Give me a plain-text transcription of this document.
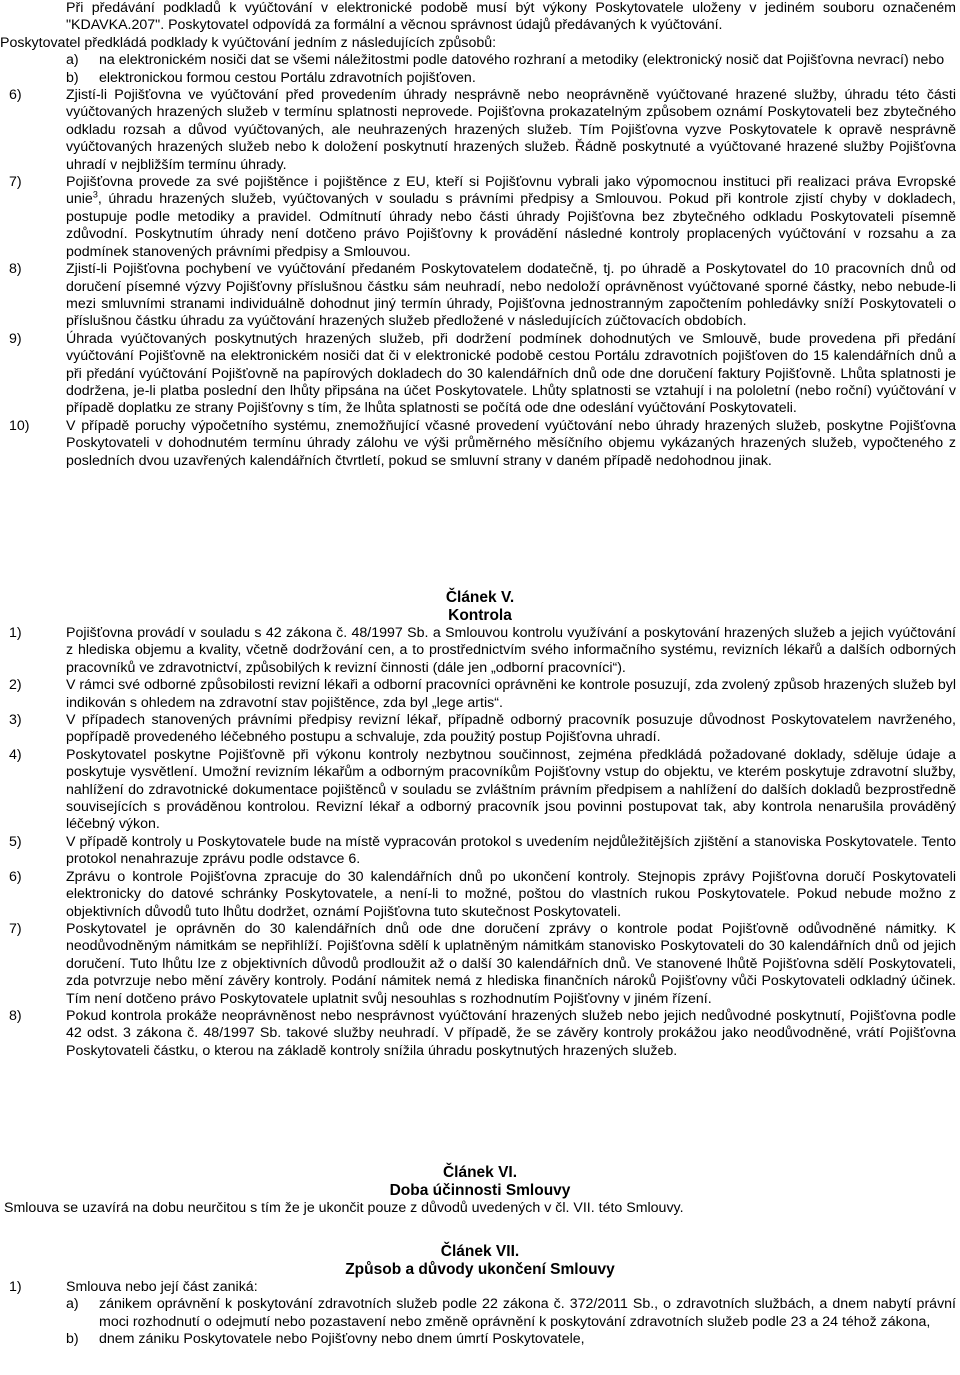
Při předávání podkladů k vyúčtování v elektronické podobě musí být výkony Poskytovatele uloženy v jediném souboru označeném "KDAVKA.207". Poskytovatel odpovídá za formální a věcnou správnost údajů předávaných k vyúčtování.

Poskytovatel předkládá podklady k vyúčtování jedním z následujících způsobů:

a) na elektronickém nosiči dat se všemi náležitostmi podle datového rozhraní a metodiky (elektronický nosič dat Pojišťovna nevrací) nebo
b) elektronickou formou cestou Portálu zdravotních pojišťoven.
6)	Zjistí-li Pojišťovna ve vyúčtování před provedením úhrady nesprávně nebo neoprávněně vyúčtované hrazené služby, úhradu této části vyúčtovaných hrazených služeb v termínu splatnosti neprovede. Pojišťovna prokazatelným způsobem oznámí Poskytovateli bez zbytečného odkladu rozsah a důvod vyúčtovaných, ale neuhrazených hrazených služeb. Tím Pojišťovna vyzve Poskytovatele k opravě nesprávně vyúčtovaných hrazených služeb nebo k doložení poskytnutí hrazených služeb. Řádně poskytnuté a vyúčtované hrazené služby Pojišťovna uhradí v nejbližším termínu úhrady.
7)	Pojišťovna provede za své pojištěnce i pojištěnce z EU, kteří si Pojišťovnu vybrali jako výpomocnou instituci při realizaci práva Evropské unie$^3$, úhradu hrazených služeb, vyúčtovaných v souladu s právními předpisy a Smlouvou. Pokud při kontrole zjistí chyby v dokladech, postupuje podle metodiky a pravidel. Odmítnutí úhrady nebo části úhrady Pojišťovna bez zbytečného odkladu Poskytovateli písemně zdůvodní. Poskytnutím úhrady není dotčeno právo Pojišťovny k provádění následné kontroly proplacených vyúčtování v rozsahu a za podmínek stanovených právními předpisy a Smlouvou.
8)	Zjistí-li Pojišťovna pochybení ve vyúčtování předaném Poskytovatelem dodatečně, tj. po úhradě a Poskytovatel do 10 pracovních dnů od doručení písemné výzvy Pojišťovny příslušnou částku sám neuhradí, nebo nedoloží oprávněnost vyúčtované sporné částky, nebo nebude-li mezi smluvními stranami individuálně dohodnut jiný termín úhrady, Pojišťovna jednostranným započtením pohledávky sníží Poskytovateli o příslušnou částku úhradu za vyúčtování hrazených služeb předložené v následujících zúčtovacích obdobích.
9)	Úhrada vyúčtovaných poskytnutých hrazených služeb, při dodržení podmínek dohodnutých ve Smlouvě, bude provedena při předání vyúčtování Pojišťovně na elektronickém nosiči dat či v elektronické podobě cestou Portálu zdravotních pojišťoven do 15 kalendářních dnů a při předání vyúčtování Pojišťovně na papírových dokladech do 30 kalendářních dnů ode dne doručení faktury Pojišťovně. Lhůta splatnosti je dodržena, je-li platba poslední den lhůty připsána na účet Poskytovatele. Lhůty splatnosti se vztahují i na pololetní (nebo roční) vyúčtování v případě doplatku ze strany Pojišťovny s tím, že lhůta splatnosti se počítá ode dne odeslání vyúčtování Poskytovateli.
10)	V případě poruchy výpočetního systému, znemožňující včasné provedení vyúčtování nebo úhrady hrazených služeb, poskytne Pojišťovna Poskytovateli v dohodnutém termínu úhrady zálohu ve výši průměrného měsíčního objemu vykázaných hrazených služeb, vypočteného z posledních dvou uzavřených kalendářních čtvrtletí, pokud se smluvní strany v daném případě nedohodnou jinak.
Článek V.
Kontrola
1)	Pojišťovna provádí v souladu s 42 zákona č. 48/1997 Sb. a Smlouvou kontrolu využívání a poskytování hrazených služeb a jejich vyúčtování z hlediska objemu a kvality, včetně dodržování cen, a to prostřednictvím svého informačního systému, revizních lékařů a dalších odborných pracovníků ve zdravotnictví, způsobilých k revizní činnosti (dále jen „odborní pracovníci“).
2)	V rámci své odborné způsobilosti revizní lékaři a odborní pracovníci oprávněni ke kontrole posuzují, zda zvolený způsob hrazených služeb byl indikován s ohledem na zdravotní stav pojištěnce, zda byl „lege artis“.
3)	V případech stanovených právními předpisy revizní lékař, případně odborný pracovník posuzuje důvodnost Poskytovatelem navrženého, popřípadě provedeného léčebného postupu a schvaluje, zda použitý postup Pojišťovna uhradí.
4)	Poskytovatel poskytne Pojišťovně při výkonu kontroly nezbytnou součinnost, zejména předkládá požadované doklady, sděluje údaje a poskytuje vysvětlení. Umožní revizním lékařům a odborným pracovníkům Pojišťovny vstup do objektu, ve kterém poskytuje zdravotní služby, nahlížení do zdravotnické dokumentace pojištěnců v souladu se zvláštním právním předpisem a nahlížení do dalších dokladů bezprostředně souvisejících s prováděnou kontrolou. Revizní lékař a odborný pracovník jsou povinni postupovat tak, aby kontrola nenarušila prováděný léčebný výkon.
5)	V případě kontroly u Poskytovatele bude na místě vypracován protokol s uvedením nejdůležitějších zjištění a stanoviska Poskytovatele. Tento protokol nenahrazuje zprávu podle odstavce 6.
6)	Zprávu o kontrole Pojišťovna zpracuje do 30 kalendářních dnů po ukončení kontroly. Stejnopis zprávy Pojišťovna doručí Poskytovateli elektronicky do datové schránky Poskytovatele, a není-li to možné, poštou do vlastních rukou Poskytovatele. Pokud nebude možno z objektivních důvodů tuto lhůtu dodržet, oznámí Pojišťovna tuto skutečnost Poskytovateli.
7)	Poskytovatel je oprávněn do 30 kalendářních dnů ode dne doručení zprávy o kontrole podat Pojišťovně odůvodněné námitky. K neodůvodněným námitkám se nepřihlíží. Pojišťovna sdělí k uplatněným námitkám stanovisko Poskytovateli do 30 kalendářních dnů od jejich doručení. Tuto lhůtu lze z objektivních důvodů prodloužit až o další 30 kalendářních dnů. Ve stanovené lhůtě Pojišťovna sdělí Poskytovateli, zda potvrzuje nebo mění závěry kontroly. Podání námitek nemá z hlediska finančních nároků Pojišťovny vůči Poskytovateli odkladný účinek. Tím není dotčeno právo Poskytovatele uplatnit svůj nesouhlas s rozhodnutím Pojišťovny v jiném řízení.
8)	Pokud kontrola prokáže neoprávněnost nebo nesprávnost vyúčtování hrazených služeb nebo jejich nedůvodné poskytnutí, Pojišťovna podle 42 odst. 3 zákona č. 48/1997 Sb. takové služby neuhradí. V případě, že se závěry kontroly prokážou jako neodůvodněné, vrátí Pojišťovna Poskytovateli částku, o kterou na základě kontroly snížila úhradu poskytnutých hrazených služeb.
Článek VI.
Doba účinnosti Smlouvy
Smlouva se uzavírá na dobu neurčitou s tím že je ukončit pouze z důvodů uvedených v čl. VII. této Smlouvy.
Článek VII.
Způsob a důvody ukončení Smlouvy
1)	Smlouva nebo její část zaniká:
a) zánikem oprávnění k poskytování zdravotních služeb podle 22 zákona č. 372/2011 Sb., o zdravotních službách, a dnem nabytí právní moci rozhodnutí o odejmutí nebo pozastavení nebo změně oprávnění k poskytování zdravotních služeb podle 23 a 24 téhož zákona,
b) dnem zániku Poskytovatele nebo Pojišťovny nebo dnem úmrtí Poskytovatele,
